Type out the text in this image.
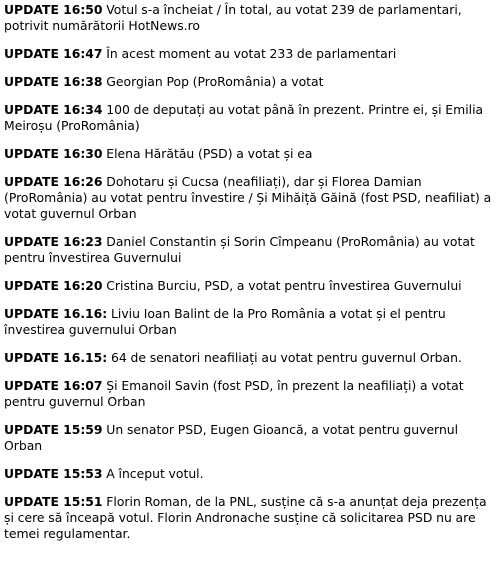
UPDATE 16:50 Votul s-a încheiat / În total, au votat 239 de parlamentari, potrivit numărătorii HotNews.ro

UPDATE 16:47 În acest moment au votat 233 de parlamentari

UPDATE 16:38 Georgian Pop (ProRomânia) a votat

UPDATE 16:34 100 de deputați au votat până în prezent. Printre ei, și Emilia Meiroșu (ProRomânia)

UPDATE 16:30 Elena Hărătău (PSD) a votat și ea

UPDATE 16:26 Dohotaru și Cucsa (neafiliați), dar și Florea Damian (ProRomânia) au votat pentru învestire / Și Mihăiță Găină (fost PSD, neafiliat) a votat guvernul Orban

UPDATE 16:23 Daniel Constantin și Sorin Cîmpeanu (ProRomânia) au votat pentru învestirea Guvernului

UPDATE 16:20 Cristina Burciu, PSD, a votat pentru învestirea Guvernului

UPDATE 16.16: Liviu Ioan Balint de la Pro România a votat și el pentru învestirea guvernului Orban

UPDATE 16.15: 64 de senatori neafiliați au votat pentru guvernul Orban.

UPDATE 16:07 Și Emanoil Savin (fost PSD, în prezent la neafiliați) a votat pentru guvernul Orban

UPDATE 15:59 Un senator PSD, Eugen Gioancă, a votat pentru guvernul Orban

UPDATE 15:53 A început votul.

UPDATE 15:51 Florin Roman, de la PNL, susține că s-a anunțat deja prezența și cere să înceapă votul. Florin Andronache susține că solicitarea PSD nu are temei regulamentar.
